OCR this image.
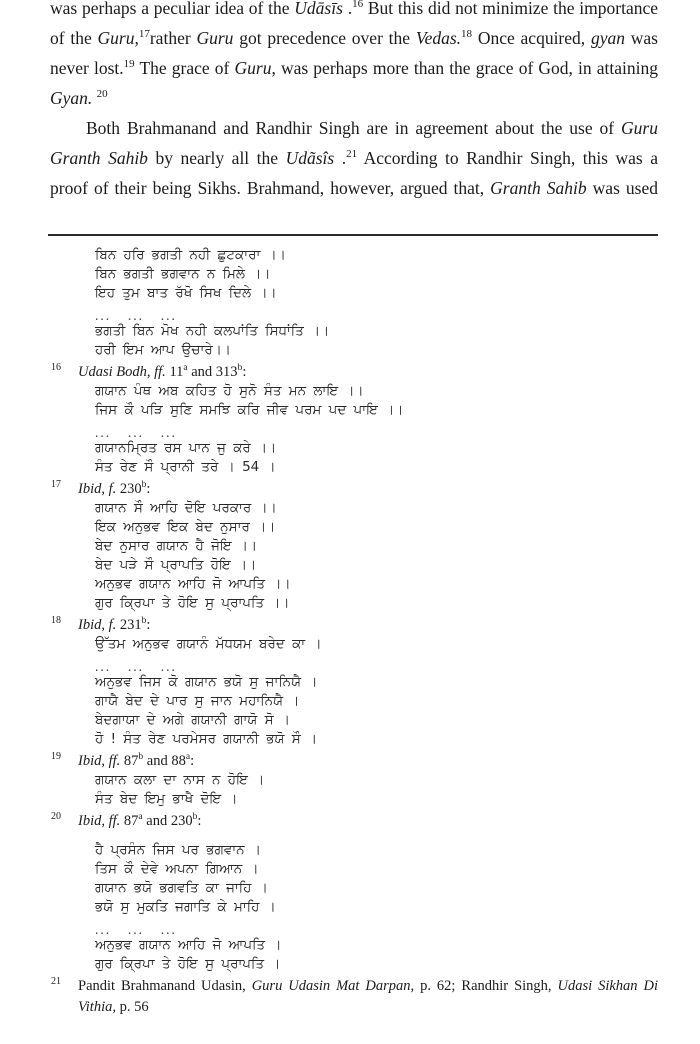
was perhaps a peculiar idea of the Udāsīs .$^{16}$ But this did not minimize the importance
of the Guru,$^{17}$rather Guru got precedence over the Vedas.$^{18}$ Once acquired, gyan was
never lost.$^{19}$ The grace of Guru, was perhaps more than the grace of God, in attaining
Gyan. $^{20}$
Both Brahmanand and Randhir Singh are in agreement about the use of Guru
Granth Sahib by nearly all the Udãsîs .$^{21}$ According to Randhir Singh, this was a
proof of their being Sikhs. Brahmand, however, argued that, Granth Sahib was used
ਬਿਨ ਹਰਿ ਭਗਤੀ ਨਹੀ ਛੁਟਕਾਰਾ ।।
ਬਿਨ ਭਗਤੀ ਭਗਵਾਨ ਨ ਮਿਲੇ ।।
ਇਹ ਤੁਮ ਬਾਤ ਰੱਖੋ ਸਿਖ ਦਿਲੇ ।।
...  ...  ...
ਭਗਤੀ ਬਿਨ ਮੋਖ ਨਹੀ ਕਲਪਾਂਤਿ ਸਿਧਾਂਤਿ ।।
ਹਰੀ ਇਮ ਆਪ ਉਚਾਰੇ।।
16 Udasi Bodh, ff. 11$^a$ and 313$^b$:
ਗਯਾਨ ਪੰਥ ਅਬ ਕਹਿਤ ਹੋ ਸੁਨੋ ਸੰਤ ਮਨ ਲਾਇ ।।
ਜਿਸ ਕੌ ਪੜਿ ਸੁਣਿ ਸਮਝਿ ਕਰਿ ਜੀਵ ਪਰਮ ਪਦ ਪਾਇ ।।
...  ...  ...
ਗਯਾਨਮ੍ਰਿਤ ਰਸ ਪਾਨ ਜੁ ਕਰੇ ।।
ਸੰਤ ਰੇਣ ਸੌ ਪ੍ਰਾਨੀ ਤਰੇ । 54 ।
17 Ibid, f. 230$^b$:
ਗਯਾਨ ਸੌ ਆਹਿ ਦੋਇ ਪਰਕਾਰ ।।
ਇਕ ਅਨੁਭਵ ਇਕ ਬੇਦ ਨੁਸਾਰ ।।
ਬੇਦ ਨੁਸਾਰ ਗਯਾਨ ਹੈ ਜੋਇ ।।
ਬੇਦ ਪੜੇ ਸੌ ਪ੍ਰਾਪਤਿ ਹੋਇ ।।
ਅਨੁਭਵ ਗਯਾਨ ਆਹਿ ਜੋ ਆਪਤਿ ।।
ਗੁਰ ਕ੍ਰਿਪਾ ਤੇ ਹੋਇ ਸੁ ਪ੍ਰਾਪਤਿ ।।
18 Ibid, f. 231$^b$:
ਉੱਤਮ ਅਨੁਭਵ ਗਯਾਨੰ ਮੱਧਯਮ ਬਰੇਦ ਕਾ ।
...  ...  ...
ਅਨੁਭਵ ਜਿਸ ਕੋ ਗਯਾਨ ਭਯੋ ਸੁ ਜਾਨਿਯੈ ।
ਗਾਯੈ ਬੇਦ ਦੇ ਪਾਰ ਸੁ ਜਾਨ ਮਹਾਨਿਯੈ ।
ਬੇਦਗਾਯਾ ਦੇ ਅਗੇ ਗਯਾਨੀ ਗਾਯੋ ਸੋ ।
ਹੋ ! ਸੰਤ ਰੇਣ ਪਰਮੇਸਰ ਗਯਾਨੀ ਭਯੋ ਸੌ ।
19 Ibid, ff. 87$^b$ and 88$^a$:
ਗਯਾਨ ਕਲਾ ਦਾ ਨਾਸ ਨ ਹੋਇ ।
ਸੰਤ ਬੇਦ ਇਮੁ ਭਾਖੈ ਦੋਇ ।
20 Ibid, ff. 87$^a$ and 230$^b$:
ਹੈ ਪ੍ਰਸੰਨ ਜਿਸ ਪਰ ਭਗਵਾਨ ।
ਤਿਸ ਕੌ ਦੇਵੇ ਅਪਨਾ ਗਿਆਨ ।
ਗਯਾਨ ਭਯੋ ਭਗਵਤਿ ਕਾ ਜਾਹਿ ।
ਭਯੋ ਸੁ ਮੁਕਤਿ ਜਗਾਤਿ ਕੇ ਮਾਹਿ ।
...  ...  ...
ਅਨੁਭਵ ਗਯਾਨ ਆਹਿ ਜੋ ਆਪਤਿ ।
ਗੁਰ ਕ੍ਰਿਪਾ ਤੇ ਹੋਇ ਸੁ ਪ੍ਰਾਪਤਿ ।
21 Pandit Brahmanand Udasin, Guru Udasin Mat Darpan, p. 62; Randhir Singh, Udasi Sikhan Di
Vithia, p. 56
